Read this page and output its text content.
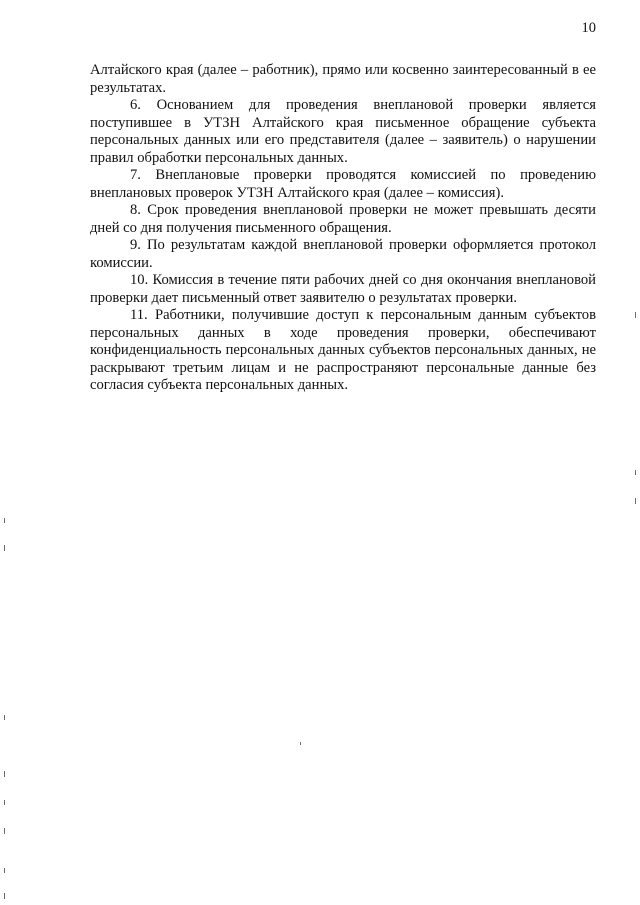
10

Алтайского края (далее – работник), прямо или косвенно заинтересованный в ее результатах.

6. Основанием для проведения внеплановой проверки является поступившее в УТЗН Алтайского края письменное обращение субъекта персональных данных или его представителя (далее – заявитель) о нарушении правил обработки персональных данных.

7. Внеплановые проверки проводятся комиссией по проведению внеплановых проверок УТЗН Алтайского края (далее – комиссия).

8. Срок проведения внеплановой проверки не может превышать десяти дней со дня получения письменного обращения.

9. По результатам каждой внеплановой проверки оформляется протокол комиссии.

10. Комиссия в течение пяти рабочих дней со дня окончания внеплановой проверки дает письменный ответ заявителю о результатах проверки.

11. Работники, получившие доступ к персональным данным субъектов персональных данных в ходе проведения проверки, обеспечивают конфиденциальность персональных данных субъектов персональных данных, не раскрывают третьим лицам и не распространяют персональные данные без согласия субъекта персональных данных.
